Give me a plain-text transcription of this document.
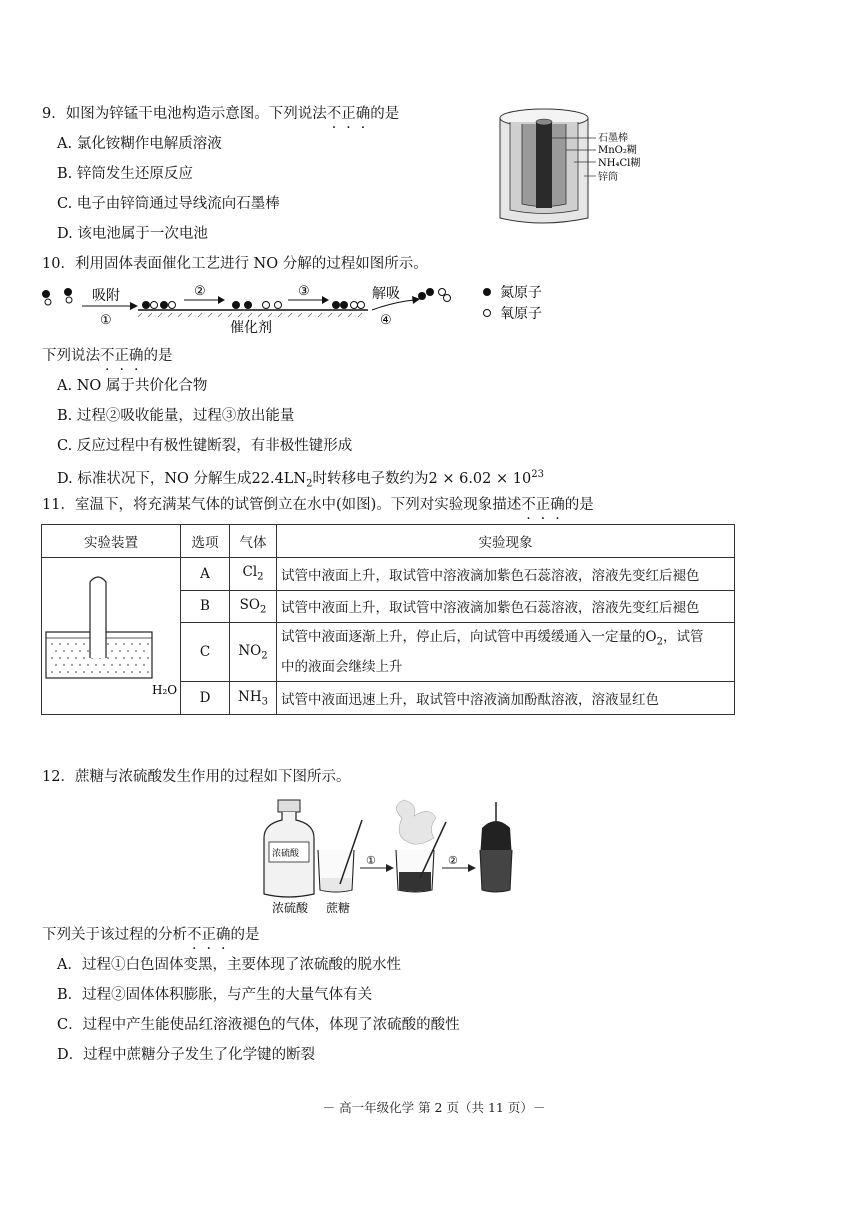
9．如图为锌锰干电池构造示意图。下列说法不正确的是
A. 氯化铵糊作电解质溶液
B. 锌筒发生还原反应
C. 电子由锌筒通过导线流向石墨棒
D. 该电池属于一次电池
石墨棒
MnO₂糊
NH₄Cl糊
锌筒
10．利用固体表面催化工艺进行 NO 分解的过程如图所示。
吸附
①
②	③
催化剂
解吸
④
氮原子
氧原子
下列说法不正确的是
A. NO 属于共价化合物
B. 过程②吸收能量，过程③放出能量
C. 反应过程中有极性键断裂，有非极性键形成
D. 标准状况下，NO 分解生成$22.4LN_2$时转移电子数约为$2 \times 6.02 \times 10^{23}$
11．室温下，将充满某气体的试管倒立在水中(如图)。下列对实验现象描述不正确的是
实验装置	选项	气体	实验现象

H₂O	A	$Cl_2$	试管中液面上升，取试管中溶液滴加紫色石蕊溶液，溶液先变红后褪色
	B	$SO_2$	试管中液面上升，取试管中溶液滴加紫色石蕊溶液，溶液先变红后褪色
	C	$NO_2$	试管中液面逐渐上升，停止后，向试管中再缓缓通入一定量的$O_2$，试管
中的液面会继续上升
	D	$NH_3$	试管中液面迅速上升，取试管中溶液滴加酚酞溶液，溶液显红色
12．蔗糖与浓硫酸发生作用的过程如下图所示。
浓硫酸	①	②
浓硫酸 蔗糖
下列关于该过程的分析不正确的是
A．过程①白色固体变黑，主要体现了浓硫酸的脱水性
B．过程②固体体积膨胀，与产生的大量气体有关
C．过程中产生能使品红溶液褪色的气体，体现了浓硫酸的酸性
D．过程中蔗糖分子发生了化学键的断裂
－ 高一年级化学 第 2 页（共 11 页）－
